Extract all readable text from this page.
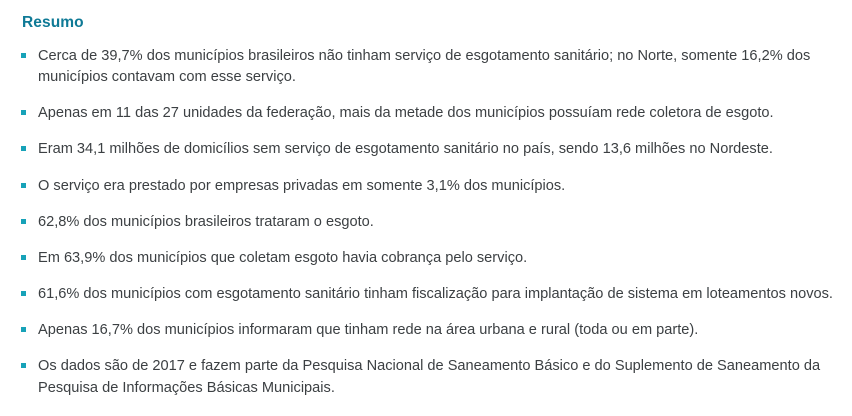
Resumo
Cerca de 39,7% dos municípios brasileiros não tinham serviço de esgotamento sanitário; no Norte, somente 16,2% dos municípios contavam com esse serviço.
Apenas em 11 das 27 unidades da federação, mais da metade dos municípios possuíam rede coletora de esgoto.
Eram 34,1 milhões de domicílios sem serviço de esgotamento sanitário no país, sendo 13,6 milhões no Nordeste.
O serviço era prestado por empresas privadas em somente 3,1% dos municípios.
62,8% dos municípios brasileiros trataram o esgoto.
Em 63,9% dos municípios que coletam esgoto havia cobrança pelo serviço.
61,6% dos municípios com esgotamento sanitário tinham fiscalização para implantação de sistema em loteamentos novos.
Apenas 16,7% dos municípios informaram que tinham rede na área urbana e rural (toda ou em parte).
Os dados são de 2017 e fazem parte da Pesquisa Nacional de Saneamento Básico e do Suplemento de Saneamento da Pesquisa de Informações Básicas Municipais.
